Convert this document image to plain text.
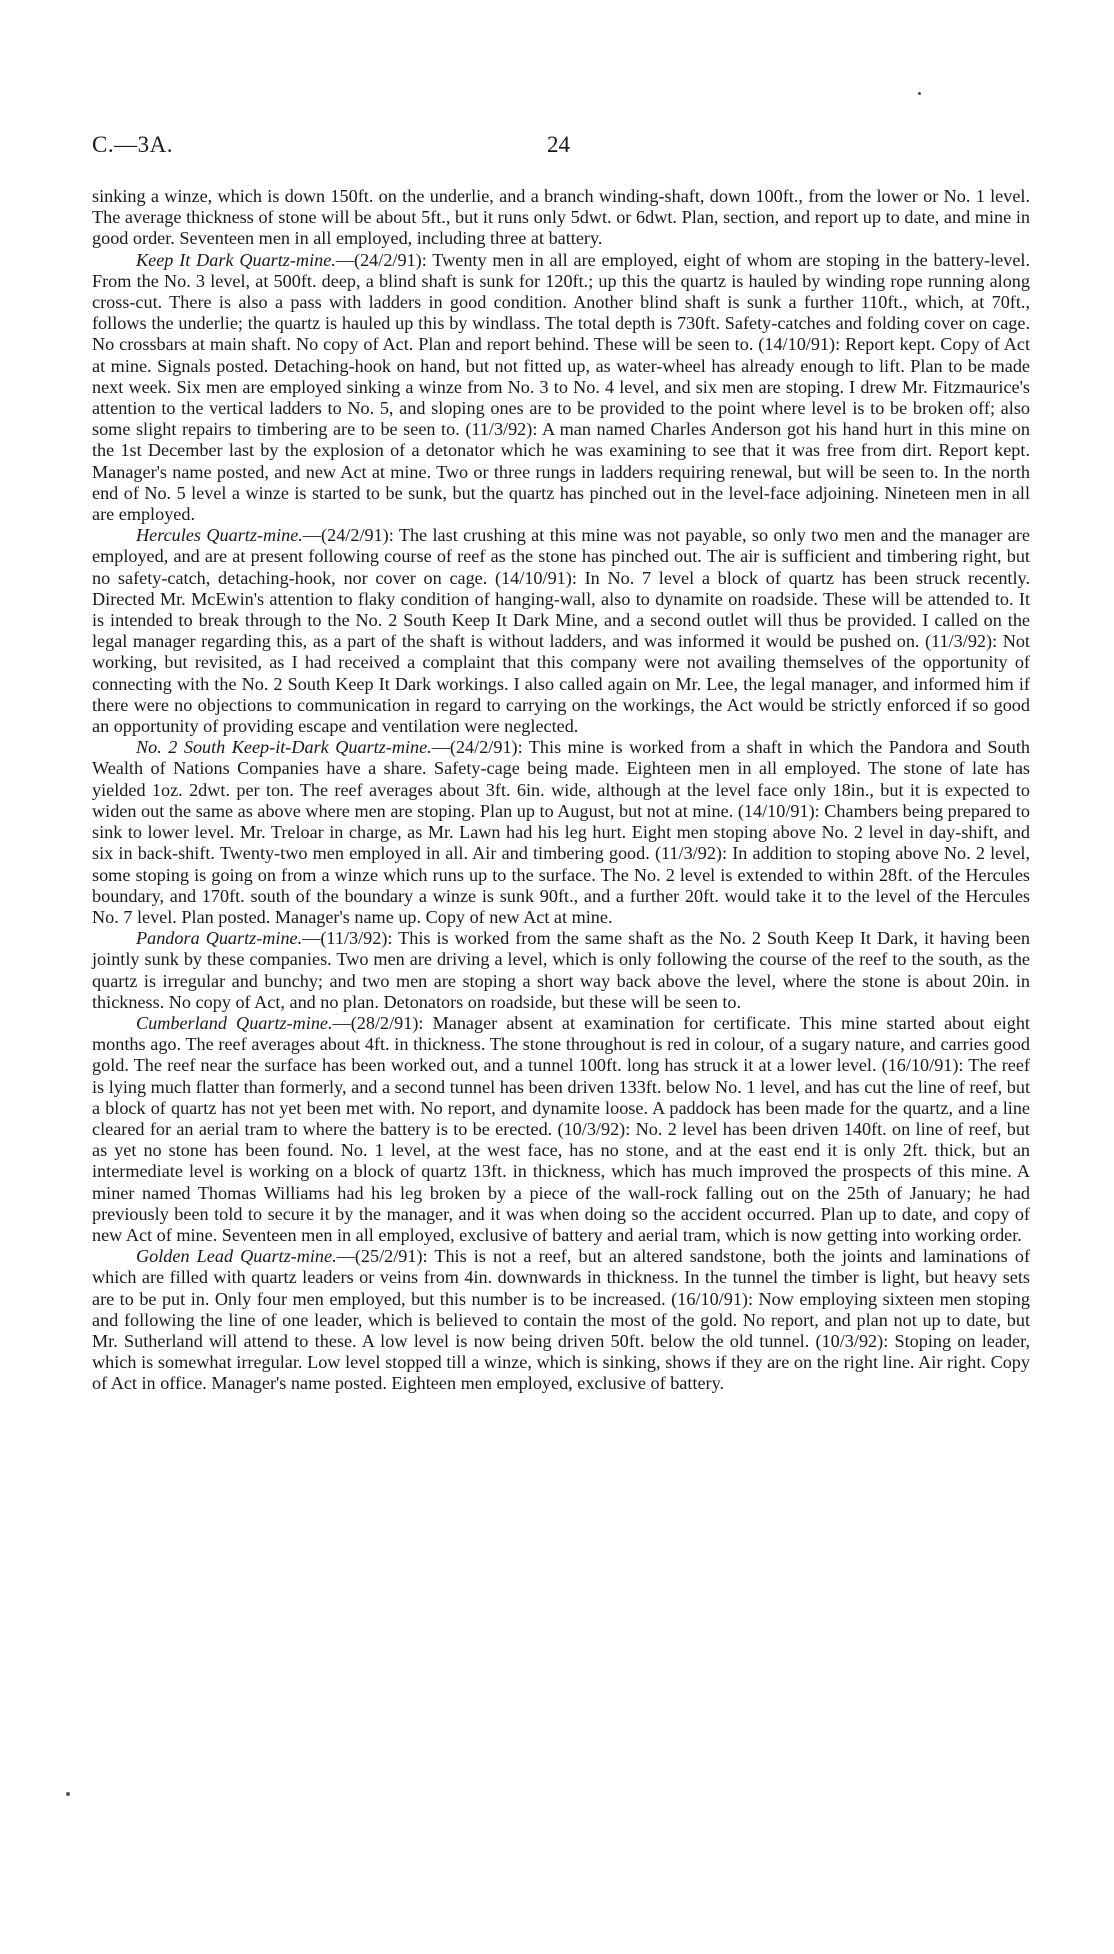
C.—3A.	24

sinking a winze, which is down 150ft. on the underlie, and a branch winding-shaft, down 100ft., from the lower or No. 1 level. The average thickness of stone will be about 5ft., but it runs only 5dwt. or 6dwt. Plan, section, and report up to date, and mine in good order. Seventeen men in all employed, including three at battery.

Keep It Dark Quartz-mine.—(24/2/91): Twenty men in all are employed, eight of whom are stoping in the battery-level. From the No. 3 level, at 500ft. deep, a blind shaft is sunk for 120ft.; up this the quartz is hauled by winding rope running along cross-cut. There is also a pass with ladders in good condition. Another blind shaft is sunk a further 110ft., which, at 70ft., follows the underlie; the quartz is hauled up this by windlass. The total depth is 730ft. Safety-catches and folding cover on cage. No crossbars at main shaft. No copy of Act. Plan and report behind. These will be seen to. (14/10/91): Report kept. Copy of Act at mine. Signals posted. Detaching-hook on hand, but not fitted up, as water-wheel has already enough to lift. Plan to be made next week. Six men are employed sinking a winze from No. 3 to No. 4 level, and six men are stoping. I drew Mr. Fitzmaurice's attention to the vertical ladders to No. 5, and sloping ones are to be provided to the point where level is to be broken off; also some slight repairs to timbering are to be seen to. (11/3/92): A man named Charles Anderson got his hand hurt in this mine on the 1st December last by the explosion of a detonator which he was examining to see that it was free from dirt. Report kept. Manager's name posted, and new Act at mine. Two or three rungs in ladders requiring renewal, but will be seen to. In the north end of No. 5 level a winze is started to be sunk, but the quartz has pinched out in the level-face adjoining. Nineteen men in all are employed.

Hercules Quartz-mine.—(24/2/91): The last crushing at this mine was not payable, so only two men and the manager are employed, and are at present following course of reef as the stone has pinched out. The air is sufficient and timbering right, but no safety-catch, detaching-hook, nor cover on cage. (14/10/91): In No. 7 level a block of quartz has been struck recently. Directed Mr. McEwin's attention to flaky condition of hanging-wall, also to dynamite on roadside. These will be attended to. It is intended to break through to the No. 2 South Keep It Dark Mine, and a second outlet will thus be provided. I called on the legal manager regarding this, as a part of the shaft is without ladders, and was informed it would be pushed on. (11/3/92): Not working, but revisited, as I had received a complaint that this company were not availing themselves of the opportunity of connecting with the No. 2 South Keep It Dark workings. I also called again on Mr. Lee, the legal manager, and informed him if there were no objections to communication in regard to carrying on the workings, the Act would be strictly enforced if so good an opportunity of providing escape and ventilation were neglected.

No. 2 South Keep-it-Dark Quartz-mine.—(24/2/91): This mine is worked from a shaft in which the Pandora and South Wealth of Nations Companies have a share. Safety-cage being made. Eighteen men in all employed. The stone of late has yielded 1oz. 2dwt. per ton. The reef averages about 3ft. 6in. wide, although at the level face only 18in., but it is expected to widen out the same as above where men are stoping. Plan up to August, but not at mine. (14/10/91): Chambers being prepared to sink to lower level. Mr. Treloar in charge, as Mr. Lawn had his leg hurt. Eight men stoping above No. 2 level in day-shift, and six in back-shift. Twenty-two men employed in all. Air and timbering good. (11/3/92): In addition to stoping above No. 2 level, some stoping is going on from a winze which runs up to the surface. The No. 2 level is extended to within 28ft. of the Hercules boundary, and 170ft. south of the boundary a winze is sunk 90ft., and a further 20ft. would take it to the level of the Hercules No. 7 level. Plan posted. Manager's name up. Copy of new Act at mine.

Pandora Quartz-mine.—(11/3/92): This is worked from the same shaft as the No. 2 South Keep It Dark, it having been jointly sunk by these companies. Two men are driving a level, which is only following the course of the reef to the south, as the quartz is irregular and bunchy; and two men are stoping a short way back above the level, where the stone is about 20in. in thickness. No copy of Act, and no plan. Detonators on roadside, but these will be seen to.

Cumberland Quartz-mine.—(28/2/91): Manager absent at examination for certificate. This mine started about eight months ago. The reef averages about 4ft. in thickness. The stone throughout is red in colour, of a sugary nature, and carries good gold. The reef near the surface has been worked out, and a tunnel 100ft. long has struck it at a lower level. (16/10/91): The reef is lying much flatter than formerly, and a second tunnel has been driven 133ft. below No. 1 level, and has cut the line of reef, but a block of quartz has not yet been met with. No report, and dynamite loose. A paddock has been made for the quartz, and a line cleared for an aerial tram to where the battery is to be erected. (10/3/92): No. 2 level has been driven 140ft. on line of reef, but as yet no stone has been found. No. 1 level, at the west face, has no stone, and at the east end it is only 2ft. thick, but an intermediate level is working on a block of quartz 13ft. in thickness, which has much improved the prospects of this mine. A miner named Thomas Williams had his leg broken by a piece of the wall-rock falling out on the 25th of January; he had previously been told to secure it by the manager, and it was when doing so the accident occurred. Plan up to date, and copy of new Act of mine. Seventeen men in all employed, exclusive of battery and aerial tram, which is now getting into working order.

Golden Lead Quartz-mine.—(25/2/91): This is not a reef, but an altered sandstone, both the joints and laminations of which are filled with quartz leaders or veins from 4in. downwards in thickness. In the tunnel the timber is light, but heavy sets are to be put in. Only four men employed, but this number is to be increased. (16/10/91): Now employing sixteen men stoping and following the line of one leader, which is believed to contain the most of the gold. No report, and plan not up to date, but Mr. Sutherland will attend to these. A low level is now being driven 50ft. below the old tunnel. (10/3/92): Stoping on leader, which is somewhat irregular. Low level stopped till a winze, which is sinking, shows if they are on the right line. Air right. Copy of Act in office. Manager's name posted. Eighteen men employed, exclusive of battery.
